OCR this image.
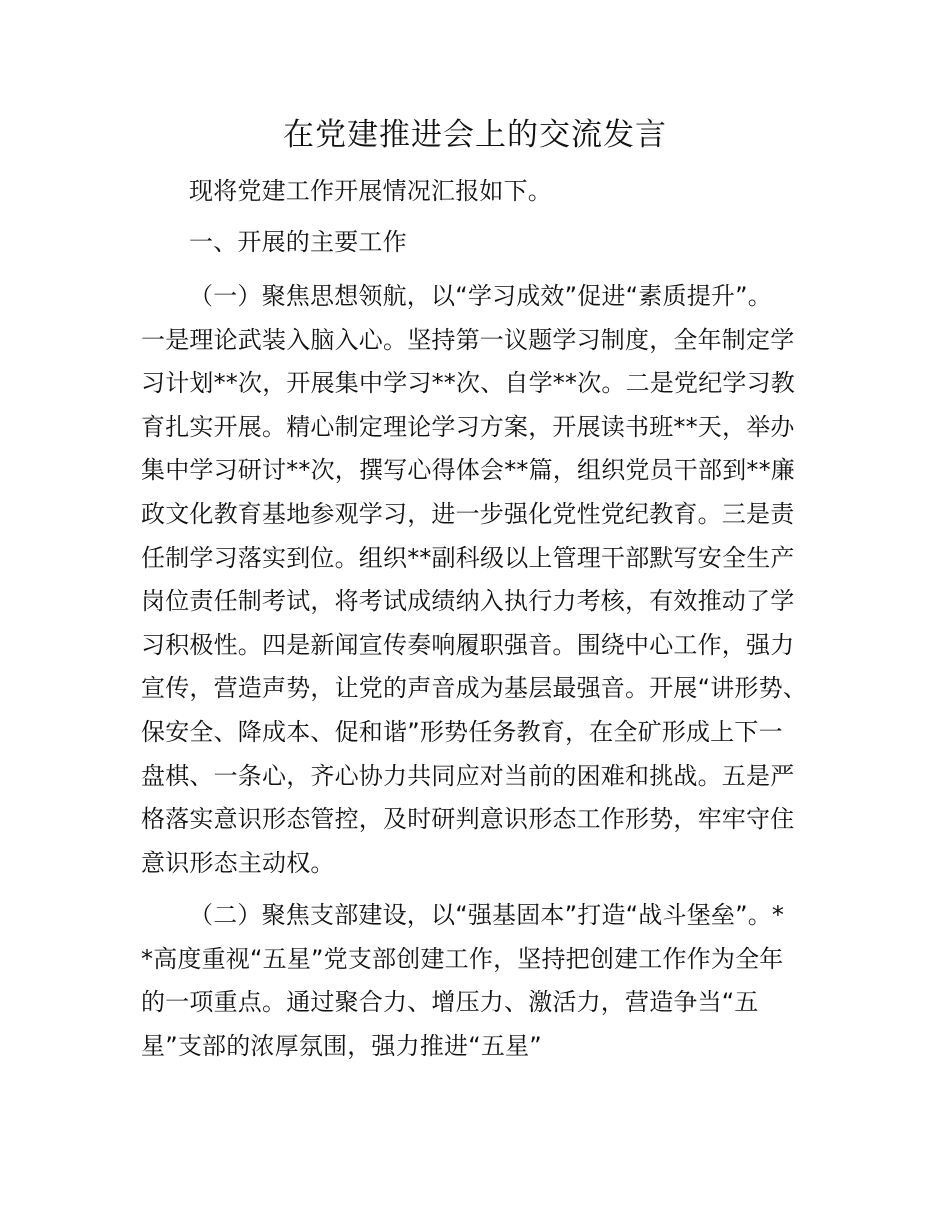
在党建推进会上的交流发言
现将党建工作开展情况汇报如下。
一、开展的主要工作
（一）聚焦思想领航，以“学习成效”促进“素质提升”。
一是理论武装入脑入心。坚持第一议题学习制度，全年制定学
习计划**次，开展集中学习**次、自学**次。二是党纪学习教
育扎实开展。精心制定理论学习方案，开展读书班**天，举办
集中学习研讨**次，撰写心得体会**篇，组织党员干部到**廉
政文化教育基地参观学习，进一步强化党性党纪教育。三是责
任制学习落实到位。组织**副科级以上管理干部默写安全生产
岗位责任制考试，将考试成绩纳入执行力考核，有效推动了学
习积极性。四是新闻宣传奏响履职强音。围绕中心工作，强力
宣传，营造声势，让党的声音成为基层最强音。开展“讲形势、
保安全、降成本、促和谐”形势任务教育，在全矿形成上下一
盘棋、一条心，齐心协力共同应对当前的困难和挑战。五是严
格落实意识形态管控，及时研判意识形态工作形势，牢牢守住
意识形态主动权。
（二）聚焦支部建设，以“强基固本”打造“战斗堡垒”。*
*高度重视“五星”党支部创建工作，坚持把创建工作作为全年
的一项重点。通过聚合力、增压力、激活力，营造争当“五
星”支部的浓厚氛围，强力推进“五星”
